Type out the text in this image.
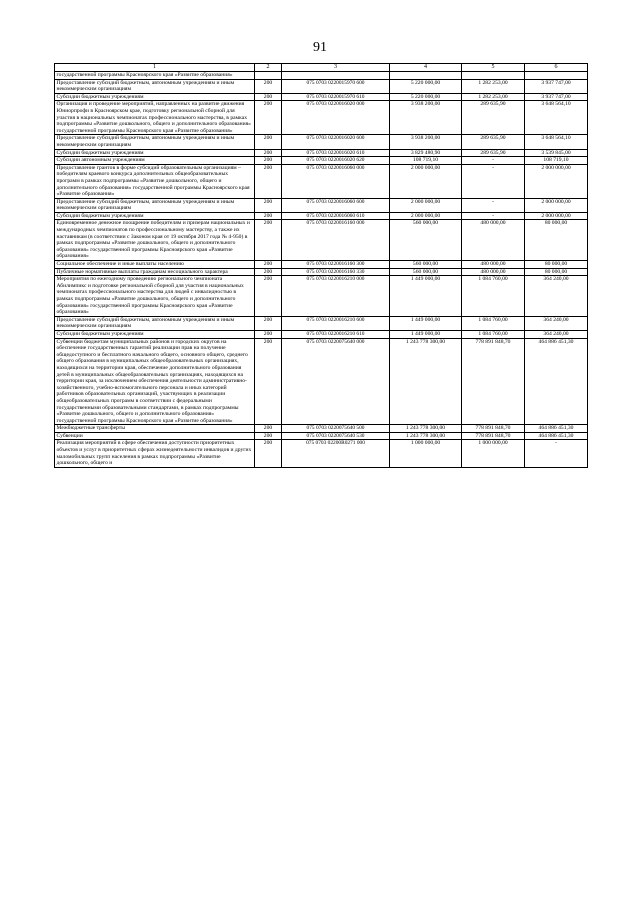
91
1	2	3	4	5	6
государственной программы Красноярского края «Развитие образования»					
Предоставление субсидий бюджетным, автономным учреждениям и иным некоммерческим организациям	200	075 0703 0220015970 600	5 220 000,00	1 282 253,00	3 937 747,00
Субсидии бюджетным учреждениям	200	075 0703 0220015970 610	5 220 000,00	1 282 253,00	3 937 747,00
Организация и проведение мероприятий, направленных на развитие движения Юниорпрофи в Красноярском крае, подготовку региональной сборной для участия в национальных чемпионатах профессионального мастерства, в рамках подпрограммы «Развитие дошкольного, общего и дополнительного образования» государственной программы Красноярского края «Развитие образования»	200	075 0703 0220016020 000	3 938 200,00	289 635,90	3 648 564,10
Предоставление субсидий бюджетным, автономным учреждениям и иным некоммерческим организациям	200	075 0703 0220016020 600	3 938 200,00	289 635,90	3 648 564,10
Субсидии бюджетным учреждениям	200	075 0703 0220016020 610	3 829 480,90	289 635,90	3 539 845,00
Субсидии автономным учреждениям	200	075 0703 0220016020 620	108 719,10	-	108 719,10
Предоставление грантов в форме субсидий образовательным организациям – победителям краевого конкурса дополнительных общеобразовательных программ в рамках подпрограммы «Развитие дошкольного, общего и дополнительного образования» государственной программы Красноярского края «Развитие образования»	200	075 0703 0220016060 000	2 000 000,00	-	2 000 000,00
Предоставление субсидий бюджетным, автономным учреждениям и иным некоммерческим организациям	200	075 0703 0220016060 600	2 000 000,00	-	2 000 000,00
Субсидии бюджетным учреждениям	200	075 0703 0220016060 610	2 000 000,00	-	2 000 000,00
Единовременное денежное поощрение победителям и призерам национальных и международных чемпионатов по профессиональному мастерству, а также их наставникам (в соответствии с Законом края от 19 октября 2017 года № 4-950) в рамках подпрограммы «Развитие дошкольного, общего и дополнительного образования» государственной программы Красноярского края «Развитие образования»	200	075 0703 0220016160 000	560 000,00	480 000,00	80 000,00
Социальное обеспечение и иные выплаты населению	200	075 0703 0220016160 300	560 000,00	480 000,00	80 000,00
Публичные нормативные выплаты гражданам несоциального характера	200	075 0703 0220016160 330	560 000,00	480 000,00	80 000,00
Мероприятия по ежегодному проведению регионального чемпионата Абилимпикс и подготовке региональной сборной для участия в национальных чемпионатах профессионального мастерства для людей с инвалидностью в рамках подпрограммы «Развитие дошкольного, общего и дополнительного образования» государственной программы Красноярского края «Развитие образования»	200	075 0703 0220016210 000	1 449 000,00	1 084 760,00	364 240,00
Предоставление субсидий бюджетным, автономным учреждениям и иным некоммерческим организациям	200	075 0703 0220016210 600	1 449 000,00	1 084 760,00	364 240,00
Субсидии бюджетным учреждениям	200	075 0703 0220016210 610	1 449 000,00	1 084 760,00	364 240,00
Субвенции бюджетам муниципальных районов и городских округов на обеспечение государственных гарантий реализации прав на получение общедоступного и бесплатного начального общего, основного общего, среднего общего образования в муниципальных общеобразовательных организациях, находящихся на территории края, обеспечение дополнительного образования детей в муниципальных общеобразовательных организациях, находящихся на территории края, за исключением обеспечения деятельности административно-хозяйственного, учебно-вспомогательного персонала и иных категорий работников образовательных организаций, участвующих в реализации общеобразовательных программ в соответствии с федеральными государственными образовательными стандартами, в рамках подпрограммы «Развитие дошкольного, общего и дополнительного образования» государственной программы Красноярского края «Развитие образования»	200	075 0703 0220075640 000	1 243 778 300,00	778 891 848,70	464 886 451,30
Межбюджетные трансферты	200	075 0703 0220075640 500	1 243 778 300,00	778 891 848,70	464 886 451,30
Субвенции	200	075 0703 0220075640 530	1 243 778 300,00	778 891 848,70	464 886 451,30
Реализация мероприятий в сфере обеспечения доступности приоритетных объектов и услуг в приоритетных сферах жизнедеятельности инвалидов и других маломобильных групп населения в рамках подпрограммы «Развитие дошкольного, общего и	200	075 0703 02200R0271 000	1 000 000,00	1 000 000,00	-
